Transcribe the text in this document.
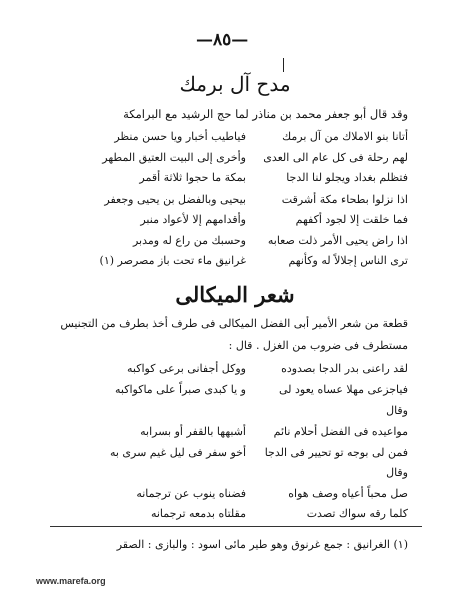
—٨٥—
مدح آل برمك
وقد قال أبو جعفر محمد بن مناذر لما حج الرشيد مع البرامكة
أتانا بنو الاملاك من آل برمك
فياطيب أخبار ويا حسن منظر
لهم رحلة فى كل عام الى العدى
وأخرى إلى البيت العتيق المطهر
فتظلم بغداد ويجلو لنا الدجا
بمكة ما حجوا ثلاثة أقمر
اذا نزلوا بطحاء مكة أشرقت
بيحيى وبالفضل بن يحيى وجعفر
فما خلقت إلا لجود أكفهم
وأقدامهم إلا لأعواد منبر
اذا راض يحيى الأمر ذلت صعابه
وحسبك من راع له ومدبر
ترى الناس إجلالاً له وكأنهم
غرانيق ماء تحت باز مصرصر (١)
شعر الميكالى
قطعة من شعر الأمير أبى الفضل الميكالى فى طرف أخذ بطرف من التجنيس
مستطرف فى ضروب من الغزل . قال :
لقد راعنى بدر الدجا بصدوده
ووكل أجفانى برعى كواكبه
فياجزعى مهلا عساه يعود لى
و يا كبدى صبراً على ماكواكبه
وقال
مواعيده فى الفضل أحلام نائم
أشبهها بالقفر أو بسرابه
فمن لى بوجه تو تحيير فى الدجا
أخو سفر فى ليل غيم سرى به
وقال
صل محباً أعياه وصف هواه
فضناه ينوب عن ترجمانه
كلما رقه سواك تصدت
مقلتاه بدمعه ترجمانه
(١) الغرانيق : جمع غرنوق وهو طير مائى اسود : والبازى : الصقر
www.marefa.org
